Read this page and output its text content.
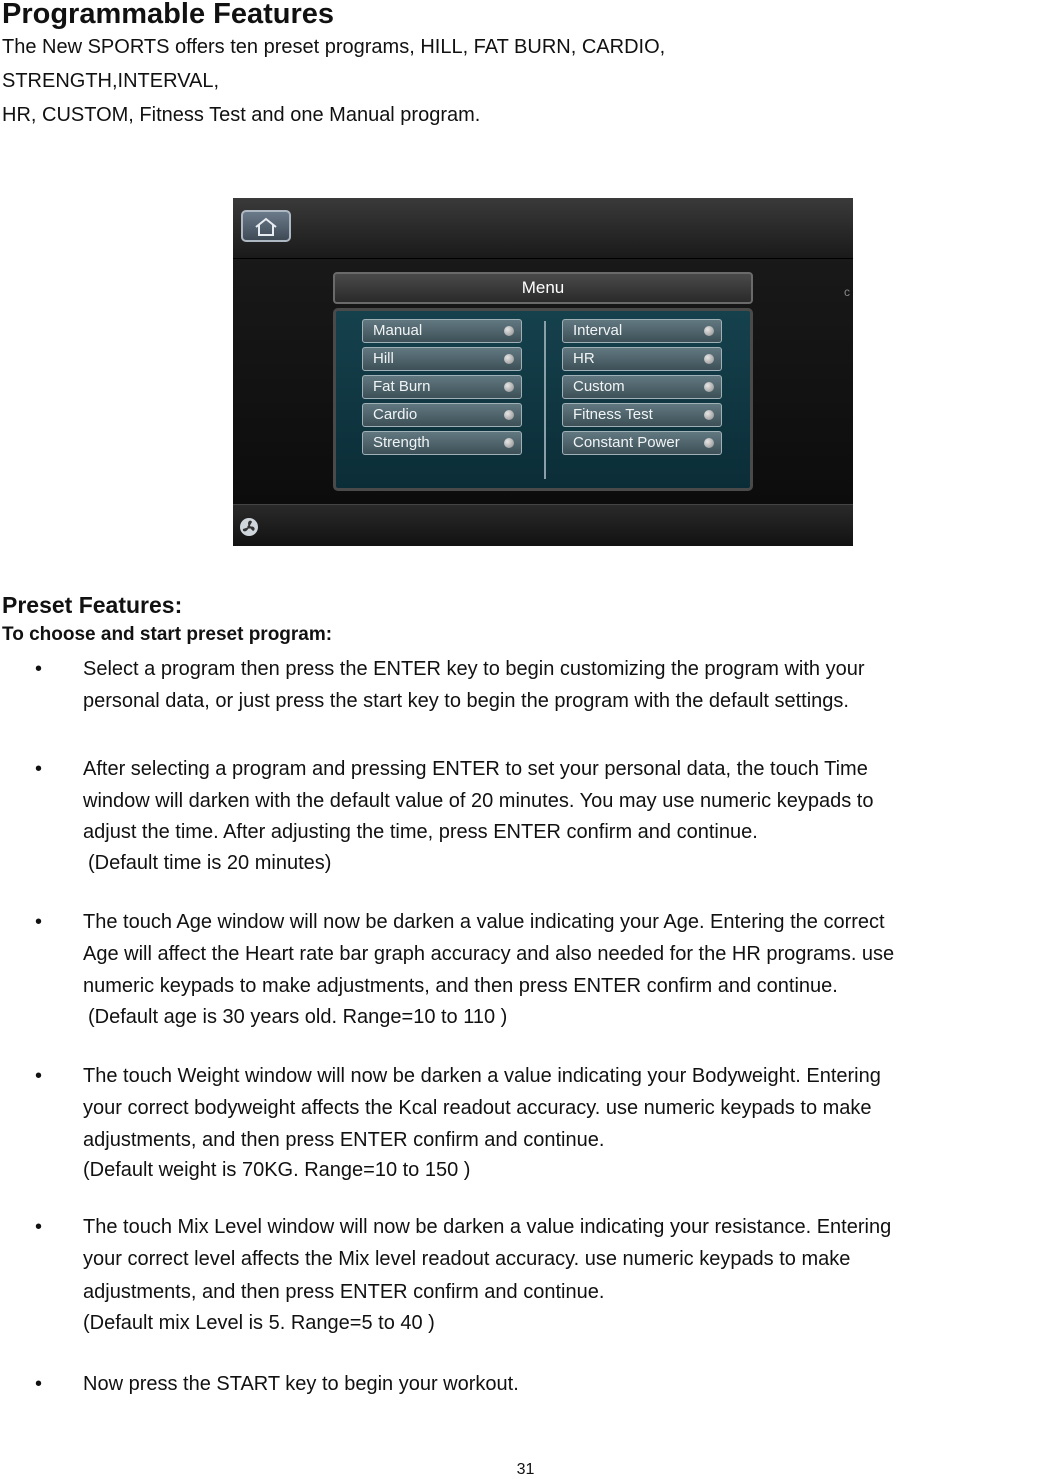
Programmable Features
The New SPORTS offers ten preset programs, HILL, FAT BURN, CARDIO,
STRENGTH,INTERVAL,
HR, CUSTOM, Fitness Test and one Manual program.
c
Menu
Manual
Hill
Fat Burn
Cardio
Strength
Interval
HR
Custom
Fitness Test
Constant Power
Preset Features:
To choose and start preset program:
• Select a program then press the ENTER key to begin customizing the program with your
personal data, or just press the start key to begin the program with the default settings.
• After selecting a program and pressing ENTER to set your personal data, the touch Time
window will darken with the default value of 20 minutes. You may use numeric keypads to
adjust the time. After adjusting the time, press ENTER confirm and continue.
(Default time is 20 minutes)
• The touch Age window will now be darken a value indicating your Age. Entering the correct
Age will affect the Heart rate bar graph accuracy and also needed for the HR programs. use
numeric keypads to make adjustments, and then press ENTER confirm and continue.
(Default age is 30 years old. Range=10 to 110 )
• The touch Weight window will now be darken a value indicating your Bodyweight. Entering
your correct bodyweight affects the Kcal readout accuracy. use numeric keypads to make
adjustments, and then press ENTER confirm and continue.
(Default weight is 70KG. Range=10 to 150 )
• The touch Mix Level window will now be darken a value indicating your resistance. Entering
your correct level affects the Mix level readout accuracy. use numeric keypads to make
adjustments, and then press ENTER confirm and continue.
(Default mix Level is 5. Range=5 to 40 )
• Now press the START key to begin your workout.
31
